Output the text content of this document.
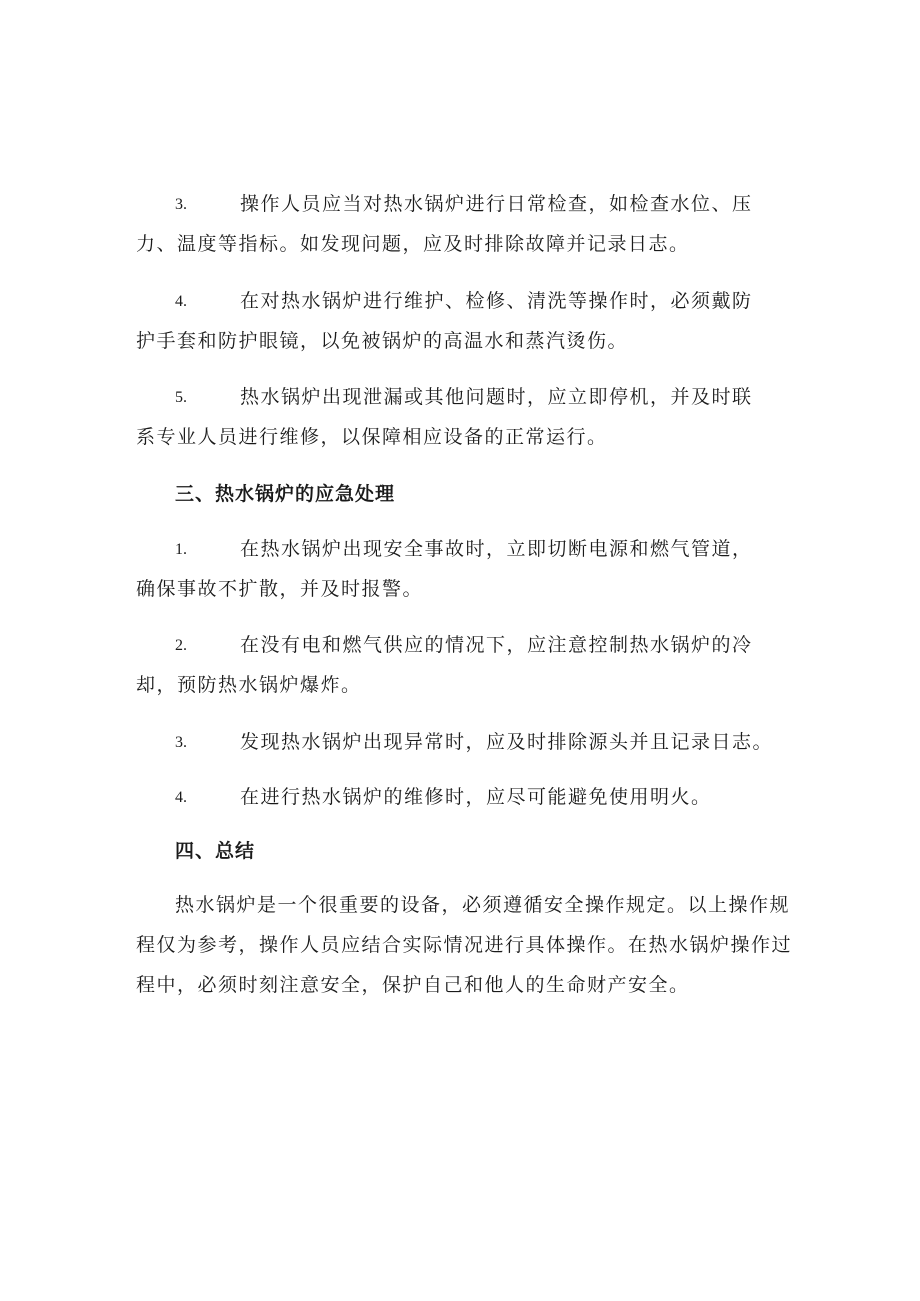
3.	操作人员应当对热水锅炉进行日常检查，如检查水位、压
力、温度等指标。如发现问题，应及时排除故障并记录日志。
4.	在对热水锅炉进行维护、检修、清洗等操作时，必须戴防
护手套和防护眼镜，以免被锅炉的高温水和蒸汽烫伤。
5.	热水锅炉出现泄漏或其他问题时，应立即停机，并及时联
系专业人员进行维修，以保障相应设备的正常运行。
三、热水锅炉的应急处理
1.	在热水锅炉出现安全事故时，立即切断电源和燃气管道，
确保事故不扩散，并及时报警。
2.	在没有电和燃气供应的情况下，应注意控制热水锅炉的冷
却，预防热水锅炉爆炸。
3.	发现热水锅炉出现异常时，应及时排除源头并且记录日志。
4.	在进行热水锅炉的维修时，应尽可能避免使用明火。
四、总结
热水锅炉是一个很重要的设备，必须遵循安全操作规定。以上操作规
程仅为参考，操作人员应结合实际情况进行具体操作。在热水锅炉操作过
程中，必须时刻注意安全，保护自己和他人的生命财产安全。
